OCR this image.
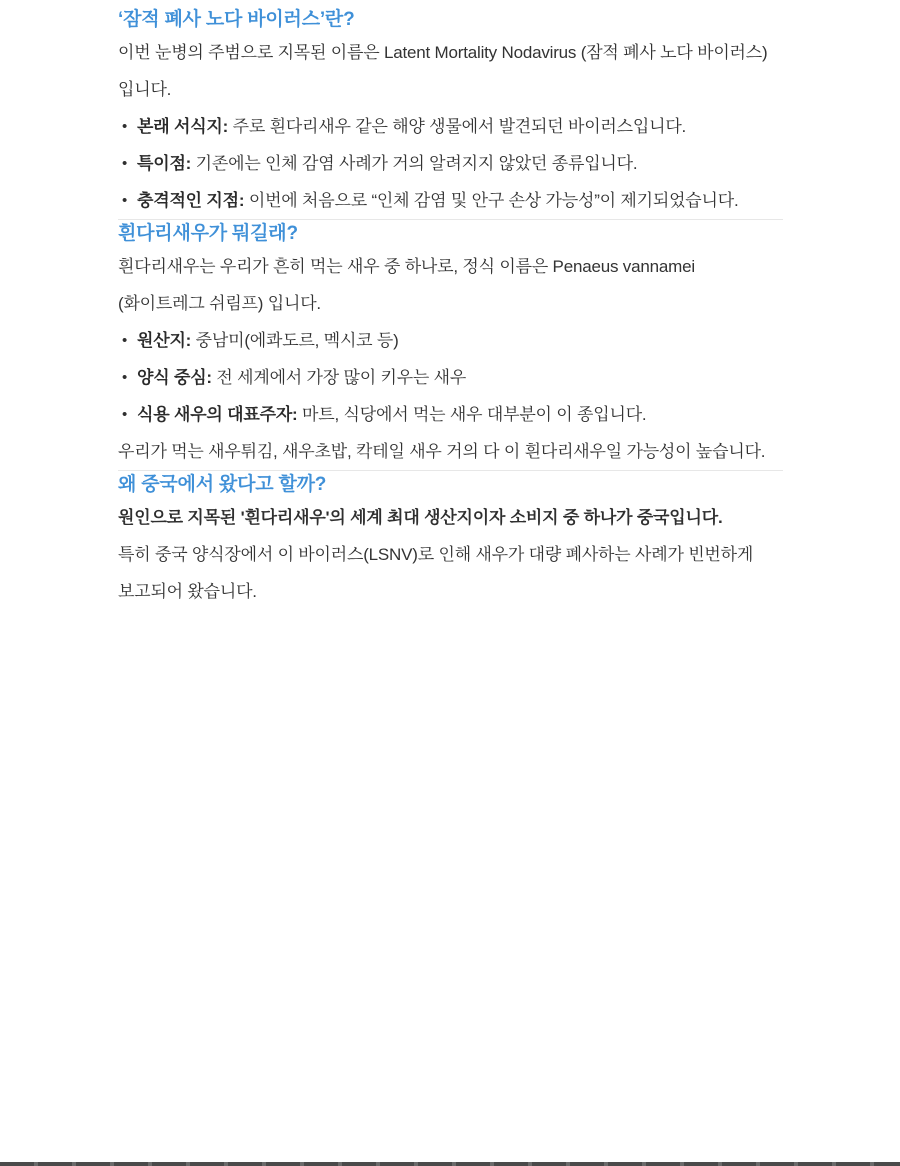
‘잠적 폐사 노다 바이러스’란?

이번 눈병의 주범으로 지목된 이름은 Latent Mortality Nodavirus (잠적 폐사 노다 바이러스)입니다.

• 본래 서식지: 주로 흰다리새우 같은 해양 생물에서 발견되던 바이러스입니다.
• 특이점: 기존에는 인체 감염 사례가 거의 알려지지 않았던 종류입니다.
• 충격적인 지점: 이번에 처음으로 “인체 감염 및 안구 손상 가능성”이 제기되었습니다.
흰다리새우가 뭐길래?

흰다리새우는 우리가 흔히 먹는 새우 중 하나로, 정식 이름은 Penaeus vannamei (화이트레그 쉬림프) 입니다.

• 원산지: 중남미(에콰도르, 멕시코 등)
• 양식 중심: 전 세계에서 가장 많이 키우는 새우
• 식용 새우의 대표주자: 마트, 식당에서 먹는 새우 대부분이 이 종입니다.

우리가 먹는 새우튀김, 새우초밥, 칵테일 새우 거의 다 이 흰다리새우일 가능성이 높습니다.

왜 중국에서 왔다고 할까?

원인으로 지목된 '흰다리새우'의 세계 최대 생산지이자 소비지 중 하나가 중국입니다.

특히 중국 양식장에서 이 바이러스(LSNV)로 인해 새우가 대량 폐사하는 사례가 빈번하게 보고되어 왔습니다.
